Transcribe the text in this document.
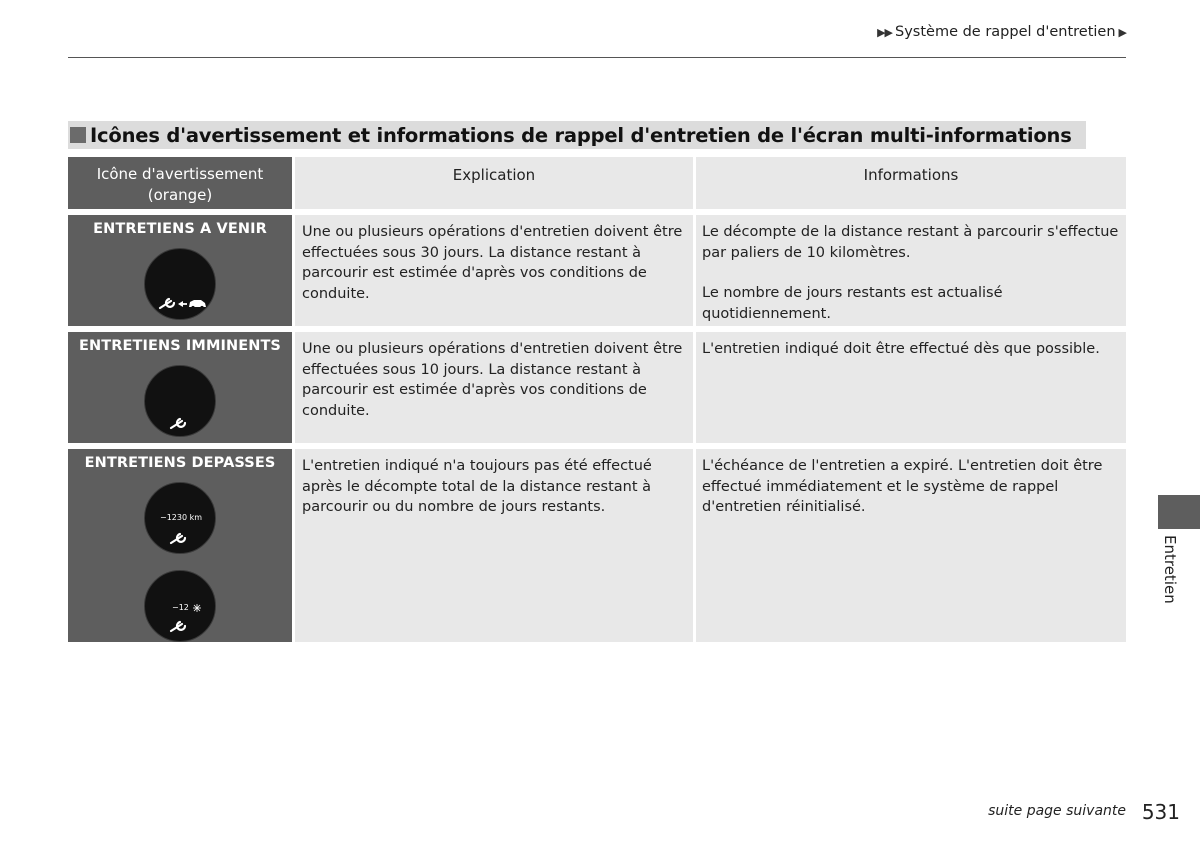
▶▶ Système de rappel d'entretien ▶
Icônes d'avertissement et informations de rappel d'entretien de l'écran multi-informations
Icône d'avertissement (orange)
Explication	Informations
ENTRETIENS A VENIR Une ou plusieurs opérations d'entretien doivent être effectuées sous 30 jours. La distance restant à parcourir est estimée d'après vos conditions de conduite.

Le décompte de la distance restant à parcourir s'effectue par paliers de 10 kilomètres.

Le nombre de jours restants est actualisé quotidiennement.

ENTRETIENS IMMINENTS Une ou plusieurs opérations d'entretien doivent être effectuées sous 10 jours. La distance restant à parcourir est estimée d'après vos conditions de conduite.

L'entretien indiqué doit être effectué dès que possible.

ENTRETIENS DEPASSES
−1230 km
−12

L'entretien indiqué n'a toujours pas été effectué après le décompte total de la distance restant à parcourir ou du nombre de jours restants.

L'échéance de l'entretien a expiré. L'entretien doit être effectué immédiatement et le système de rappel d'entretien réinitialisé.

Entretien
suite page suivante 531
